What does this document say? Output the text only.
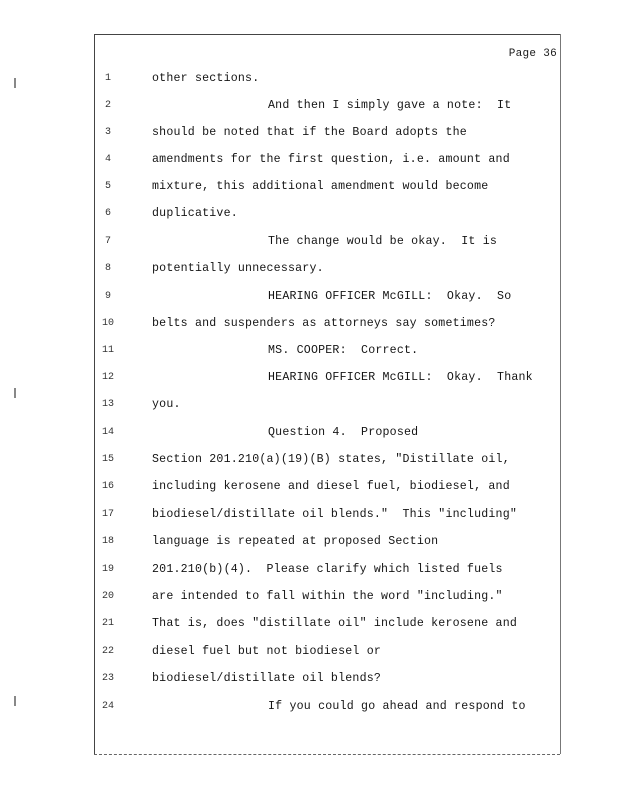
Page 36
1	other sections.
2	And then I simply gave a note:  It
3	should be noted that if the Board adopts the
4	amendments for the first question, i.e. amount and
5	mixture, this additional amendment would become
6	duplicative.
7	The change would be okay.  It is
8	potentially unnecessary.
9	HEARING OFFICER McGILL:  Okay.  So
10	belts and suspenders as attorneys say sometimes?
11	MS. COOPER:  Correct.
12	HEARING OFFICER McGILL:  Okay.  Thank
13	you.
14	Question 4.  Proposed
15	Section 201.210(a)(19)(B) states, "Distillate oil,
16	including kerosene and diesel fuel, biodiesel, and
17	biodiesel/distillate oil blends."  This "including"
18	language is repeated at proposed Section
19	201.210(b)(4).  Please clarify which listed fuels
20	are intended to fall within the word "including."
21	That is, does "distillate oil" include kerosene and
22	diesel fuel but not biodiesel or
23	biodiesel/distillate oil blends?
24	If you could go ahead and respond to
